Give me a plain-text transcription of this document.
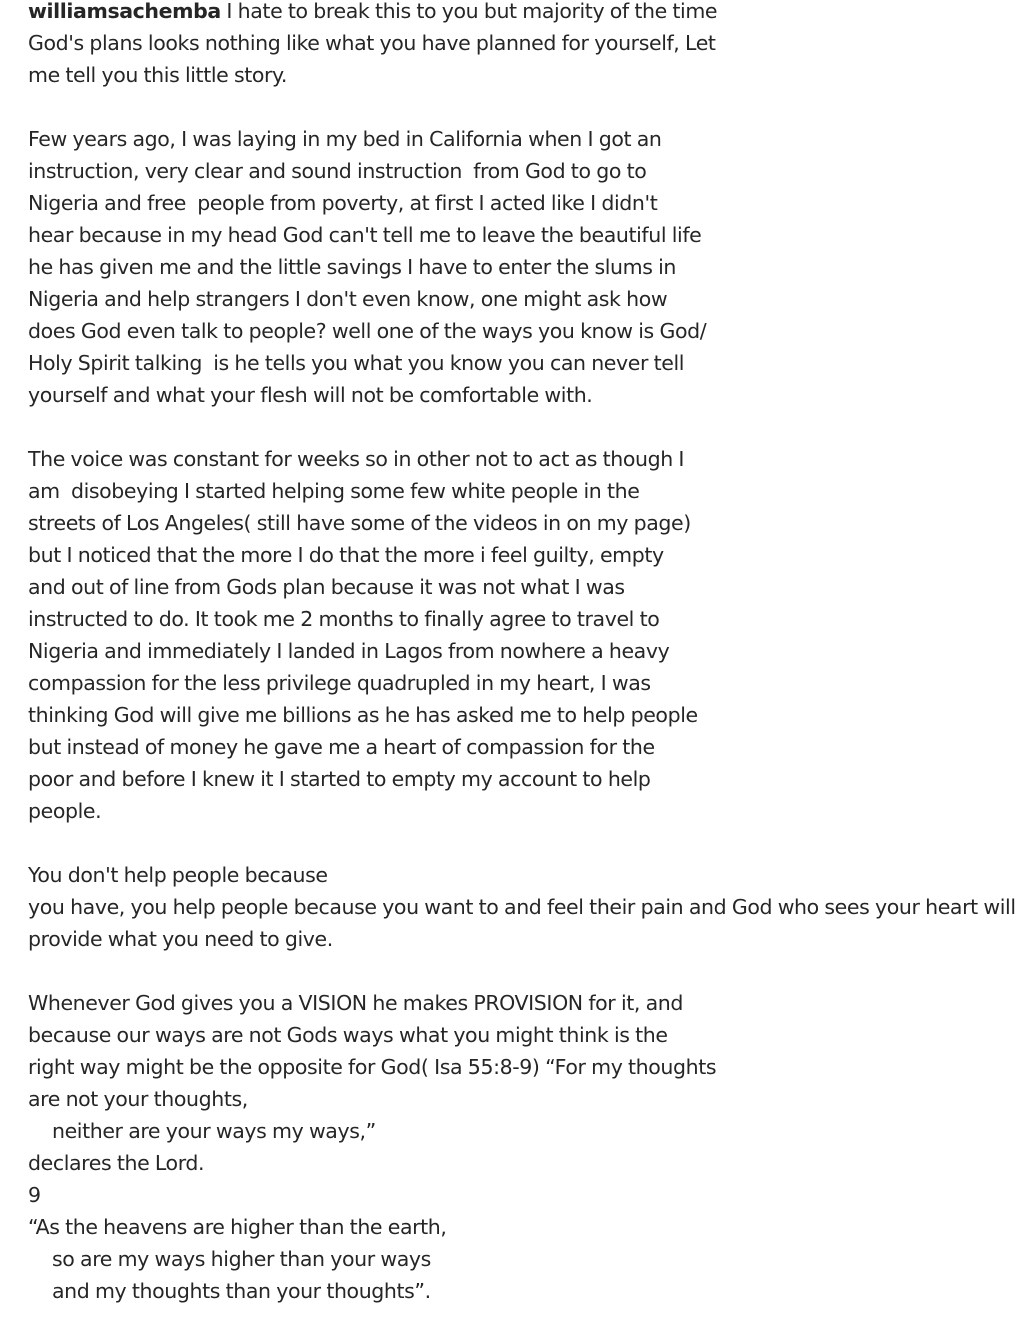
williamsachemba I hate to break this to you but majority of the time
God's plans looks nothing like what you have planned for yourself, Let
me tell you this little story.
Few years ago, I was laying in my bed in California when I got an
instruction, very clear and sound instruction  from God to go to
Nigeria and free  people from poverty, at first I acted like I didn't
hear because in my head God can't tell me to leave the beautiful life
he has given me and the little savings I have to enter the slums in
Nigeria and help strangers I don't even know, one might ask how
does God even talk to people? well one of the ways you know is God/
Holy Spirit talking  is he tells you what you know you can never tell
yourself and what your flesh will not be comfortable with.
The voice was constant for weeks so in other not to act as though I
am  disobeying I started helping some few white people in the
streets of Los Angeles( still have some of the videos in on my page)
but I noticed that the more I do that the more i feel guilty, empty
and out of line from Gods plan because it was not what I was
instructed to do. It took me 2 months to finally agree to travel to
Nigeria and immediately I landed in Lagos from nowhere a heavy
compassion for the less privilege quadrupled in my heart, I was
thinking God will give me billions as he has asked me to help people
but instead of money he gave me a heart of compassion for the
poor and before I knew it I started to empty my account to help
people.
You don't help people because
you have, you help people because you want to and feel their pain and God who sees your heart will
provide what you need to give.
Whenever God gives you a VISION he makes PROVISION for it, and
because our ways are not Gods ways what you might think is the
right way might be the opposite for God( Isa 55:8-9) “For my thoughts
are not your thoughts,
neither are your ways my ways,”
declares the Lord.
9
“As the heavens are higher than the earth,
so are my ways higher than your ways
and my thoughts than your thoughts”.
